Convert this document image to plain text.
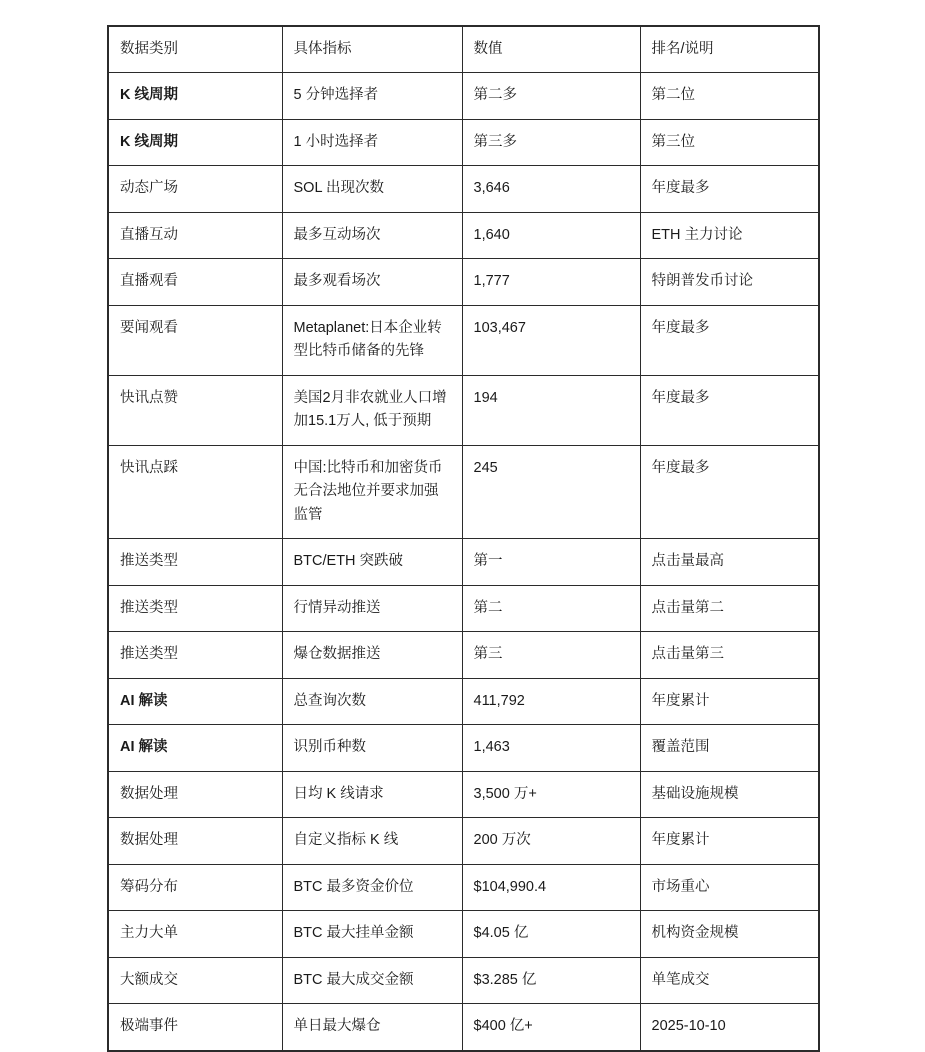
数据类别	具体指标	数值	排名/说明

K 线周期	5 分钟选择者	第二多	第二位

K 线周期	1 小时选择者	第三多	第三位

动态广场	SOL 出现次数	3,646	年度最多

直播互动	最多互动场次	1,640	ETH 主力讨论

直播观看	最多观看场次	1,777	特朗普发币讨论

要闻观看	Metaplanet:日本企业转型比特币储备的先锋	103,467	年度最多

快讯点赞	美国2月非农就业人口增加15.1万人, 低于预期	194	年度最多

快讯点踩	中国:比特币和加密货币无合法地位并要求加强监管	245	年度最多

推送类型	BTC/ETH 突跌破	第一	点击量最高

推送类型	行情异动推送	第二	点击量第二

推送类型	爆仓数据推送	第三	点击量第三

AI 解读	总查询次数	411,792	年度累计

AI 解读	识别币种数	1,463	覆盖范围

数据处理	日均 K 线请求	3,500 万+	基础设施规模

数据处理	自定义指标 K 线	200 万次	年度累计

筹码分布	BTC 最多资金价位	$104,990.4	市场重心

主力大单	BTC 最大挂单金额	$4.05 亿	机构资金规模

大额成交	BTC 最大成交金额	$3.285 亿	单笔成交

极端事件	单日最大爆仓	$400 亿+	2025-10-10
